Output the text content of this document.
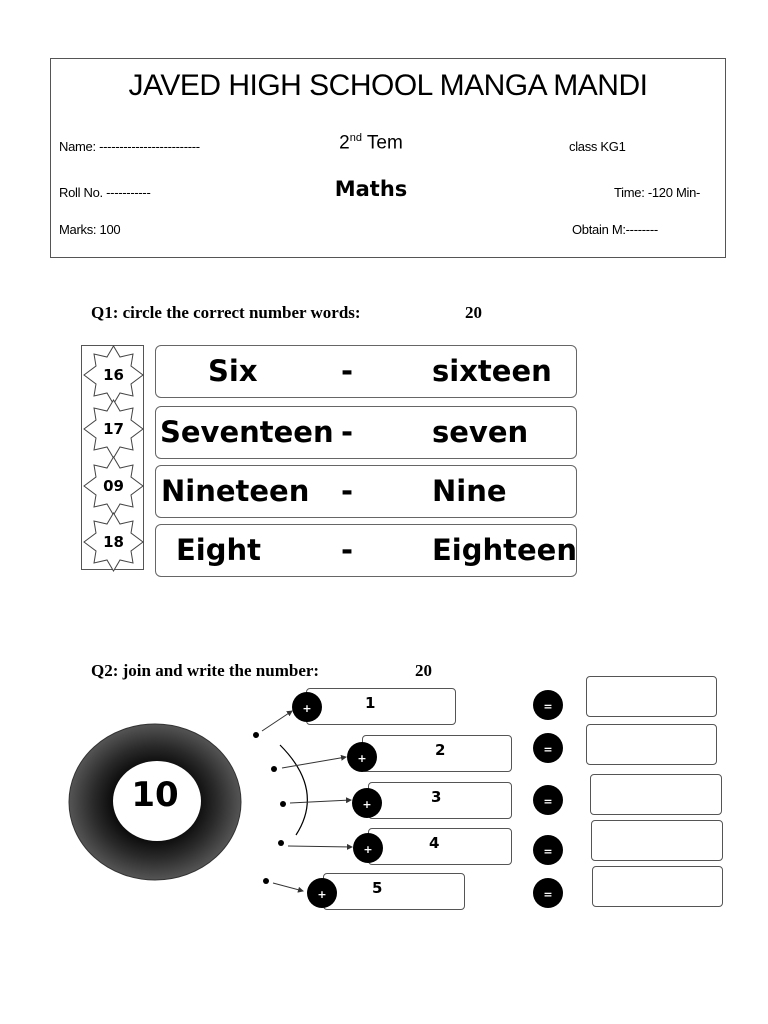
JAVED HIGH SCHOOL MANGA MANDI
Name: -------------------------	2nd Tem	class KG1
Roll No. -----------	Maths	Time: -120 Min-
Marks: 100	Obtain M:--------
Q1: circle the correct number words:	20
16
17
09
18
Six	-	sixteen
Seventeen -	seven
Nineteen -	Nine
Eight	-	Eighteen
Q2: join and write the number:	20
10
1
2
3
4
5
+
+
+
+
+
=
=
=
=
=
